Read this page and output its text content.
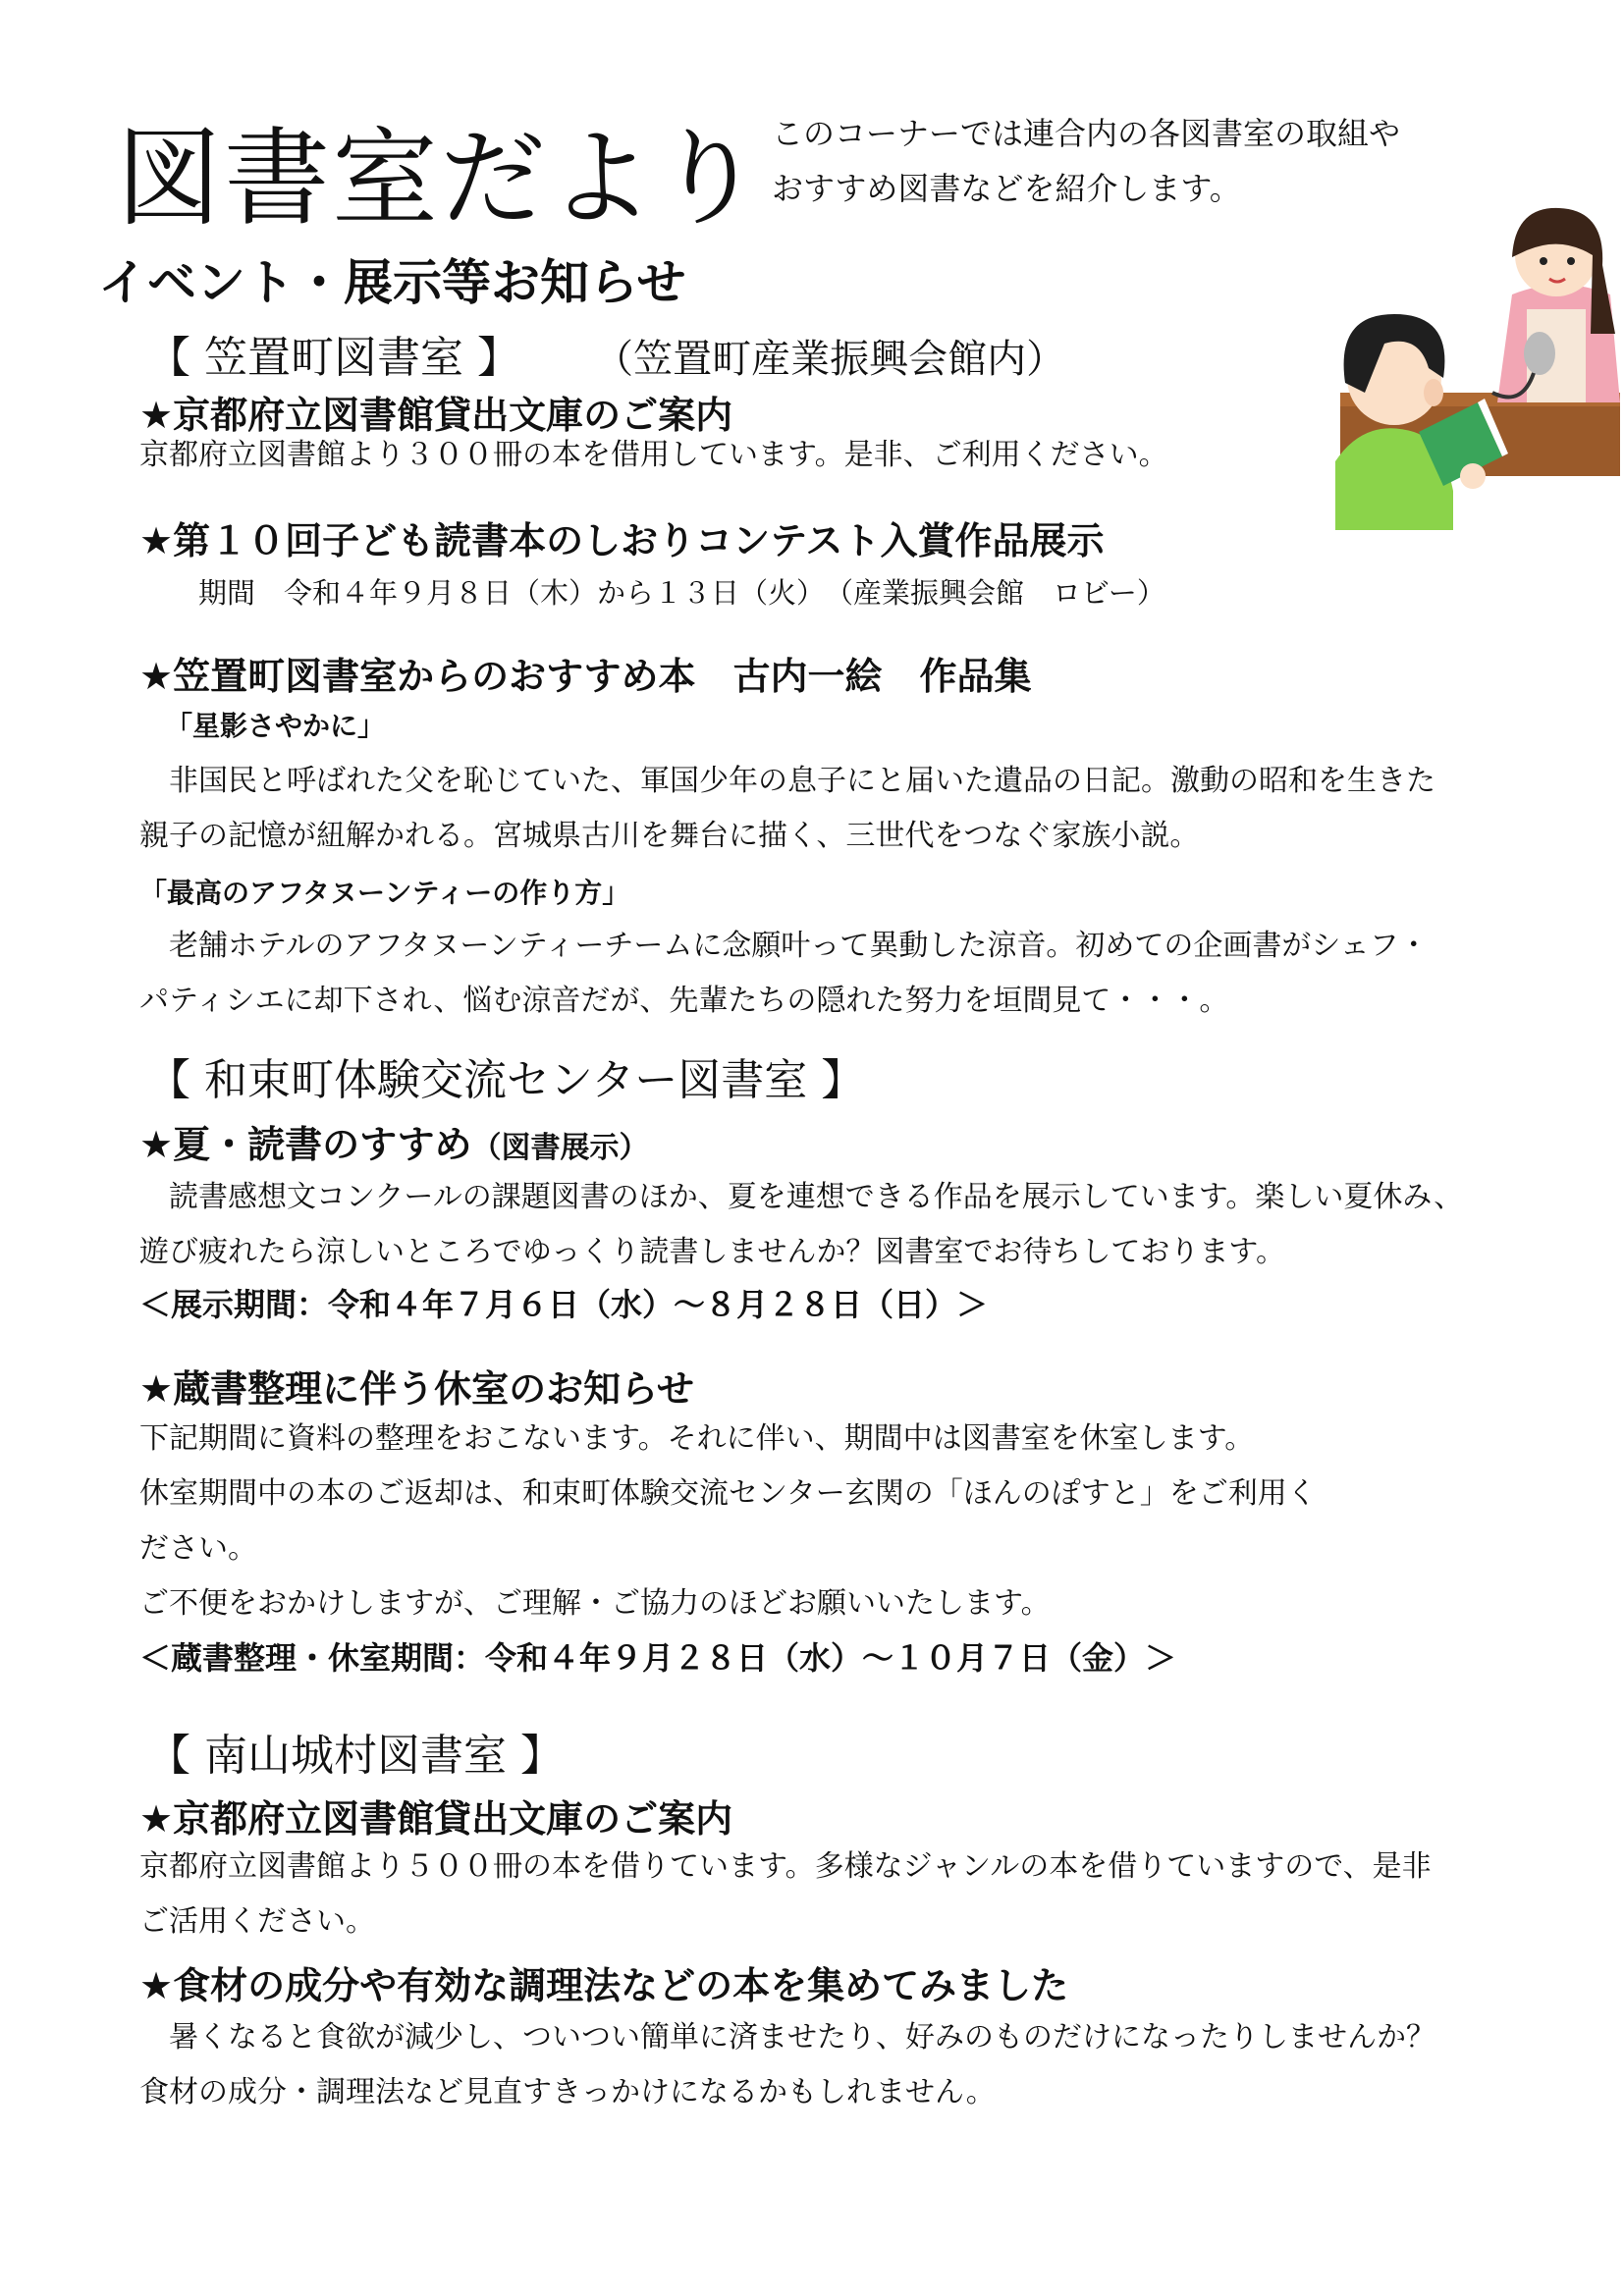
図書室だより このコーナーでは連合内の各図書室の取組や
おすすめ図書などを紹介します。
イベント・展示等お知らせ
【 笠置町図書室 】 （笠置町産業振興会館内）
★京都府立図書館貸出文庫のご案内
京都府立図書館より３００冊の本を借用しています。是非、ご利用ください。
★第１０回子ども読書本のしおりコンテスト入賞作品展示
期間　令和４年９月８日（木）から１３日（火）　（産業振興会館　ロビー）
★笠置町図書室からのおすすめ本　古内一絵　作品集
「星影さやかに」
　非国民と呼ばれた父を恥じていた、軍国少年の息子にと届いた遺品の日記。激動の昭和を生きた
親子の記憶が紐解かれる。宮城県古川を舞台に描く、三世代をつなぐ家族小説。
「最高のアフタヌーンティーの作り方」
　老舗ホテルのアフタヌーンティーチームに念願叶って異動した涼音。初めての企画書がシェフ・
パティシエに却下され、悩む涼音だが、先輩たちの隠れた努力を垣間見て・・・。
【 和束町体験交流センター図書室 】
★夏・読書のすすめ（図書展示）
　読書感想文コンクールの課題図書のほか、夏を連想できる作品を展示しています。楽しい夏休み、
遊び疲れたら涼しいところでゆっくり読書しませんか？図書室でお待ちしております。
＜展示期間：令和４年７月６日（水）～８月２８日（日）＞
★蔵書整理に伴う休室のお知らせ
下記期間に資料の整理をおこないます。それに伴い、期間中は図書室を休室します。
休室期間中の本のご返却は、和束町体験交流センター玄関の「ほんのぽすと」をご利用く
ださい。
ご不便をおかけしますが、ご理解・ご協力のほどお願いいたします。
＜蔵書整理・休室期間：令和４年９月２８日（水）～１０月７日（金）＞
【 南山城村図書室 】
★京都府立図書館貸出文庫のご案内
京都府立図書館より５００冊の本を借りています。多様なジャンルの本を借りていますので、是非
ご活用ください。
★食材の成分や有効な調理法などの本を集めてみました
　暑くなると食欲が減少し、ついつい簡単に済ませたり、好みのものだけになったりしませんか？
食材の成分・調理法など見直すきっかけになるかもしれません。
